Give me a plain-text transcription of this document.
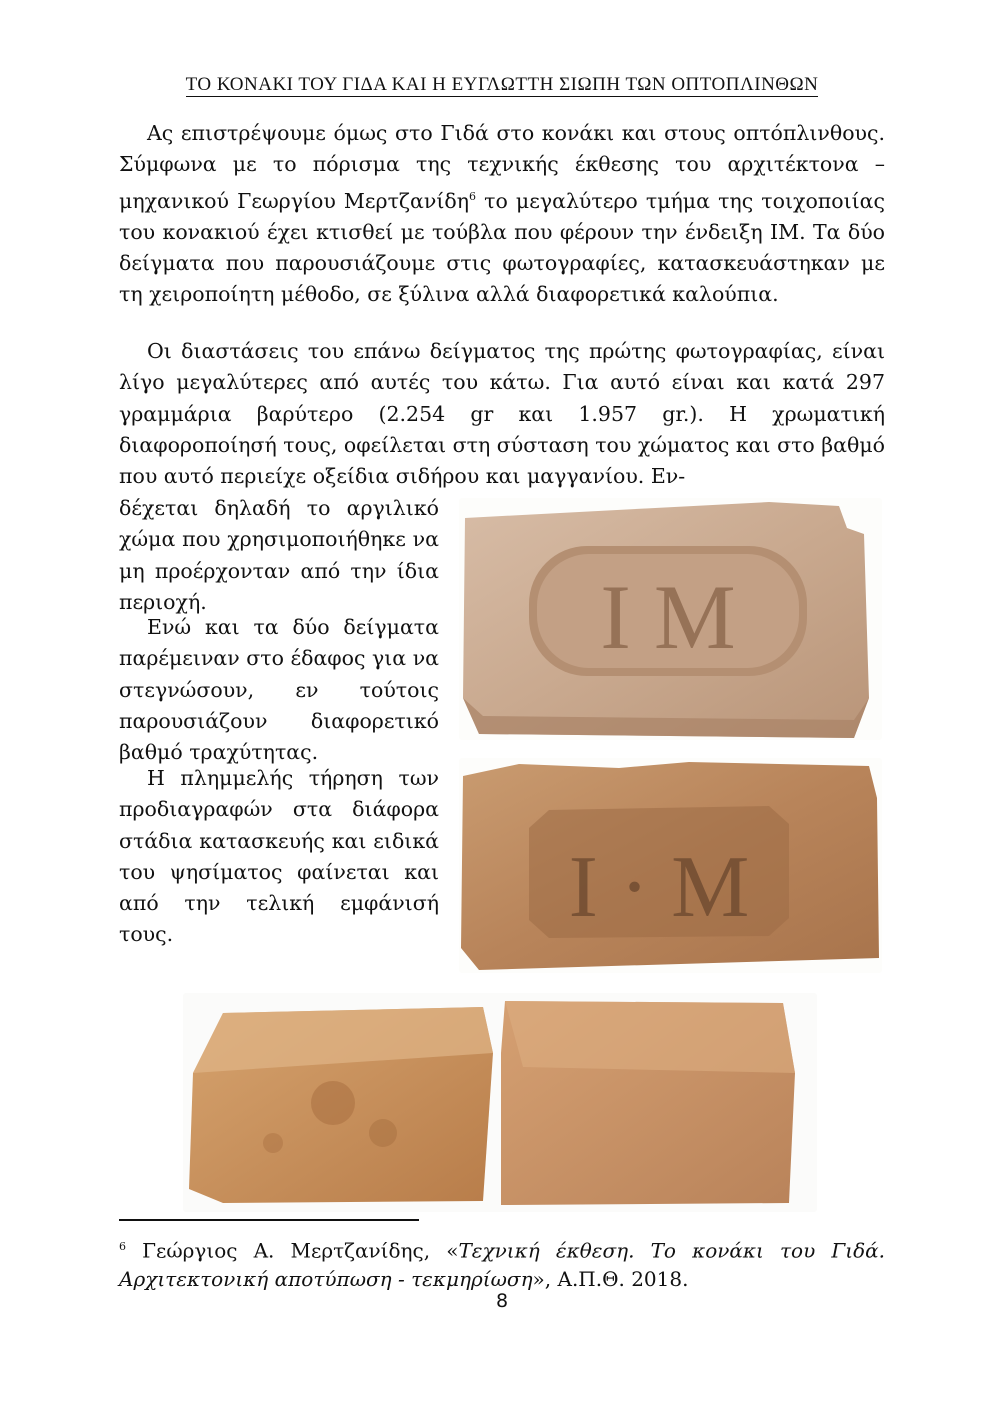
ΤΟ ΚΟΝΑΚΙ ΤΟΥ ΓΙΔΑ ΚΑΙ Η ΕΥΓΛΩΤΤΗ ΣΙΩΠΗ ΤΩΝ ΟΠΤΟΠΛΙΝΘΩΝ

Ας επιστρέψουμε όμως στο Γιδά στο κονάκι και στους οπτόπλινθους. Σύμφωνα με το πόρισμα της τεχνικής έκθεσης του αρχιτέκτονα – μηχανικού Γεωργίου Μερτζανίδη$^6$ το μεγαλύτερο τμήμα της τοιχοποιίας του κονακιού έχει κτισθεί με τούβλα που φέρουν την ένδειξη ΙΜ. Τα δύο δείγματα που παρουσιάζουμε στις φωτογραφίες, κατασκευάστηκαν με τη χειροποίητη μέθοδο, σε ξύλινα αλλά διαφορετικά καλούπια.

Οι διαστάσεις του επάνω δείγματος της πρώτης φωτογραφίας, είναι λίγο μεγαλύτερες από αυτές του κάτω. Για αυτό είναι και κατά 297 γραμμάρια βαρύτερο (2.254 gr και 1.957 gr.). Η χρωματική διαφοροποίησή τους, οφείλεται στη σύσταση του χώματος και στο βαθμό που αυτό περιείχε οξείδια σιδήρου και μαγγανίου. Εν-

δέχεται δηλαδή το αργιλικό χώμα που χρησιμοποιήθηκε να μη προέρχονταν από την ίδια περιοχή.

Ενώ και τα δύο δείγματα παρέμειναν στο έδαφος για να στεγνώσουν, εν τούτοις παρουσιάζουν διαφορετικό βαθμό τραχύτητας.

Η πλημμελής τήρηση των προδιαγραφών στα διάφορα στάδια κατασκευής και ειδικά του ψησίματος φαίνεται και από την τελική εμφάνισή τους.

Ι Μ
Ι · Μ

$^6$ Γεώργιος Α. Μερτζανίδης, «Τεχνική έκθεση. Το κονάκι του Γιδά. Αρχιτεκτονική αποτύπωση - τεκμηρίωση», Α.Π.Θ. 2018.

8
